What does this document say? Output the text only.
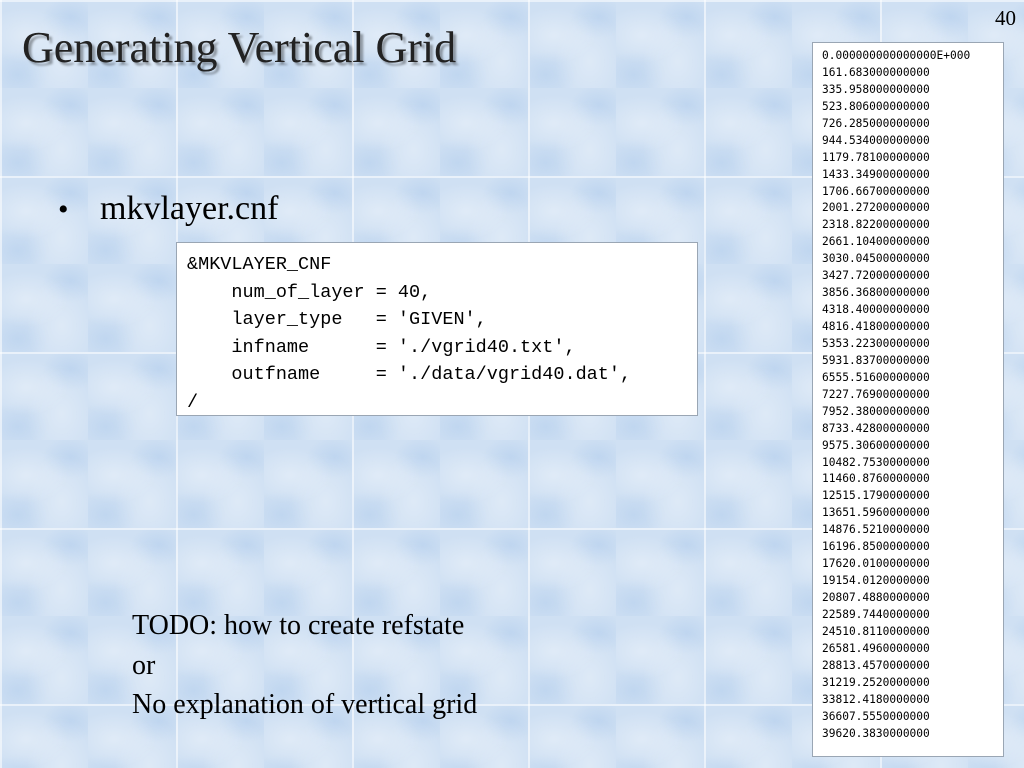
40
Generating Vertical Grid
• mkvlayer.cnf
&MKVLAYER_CNF
num_of_layer = 40,
layer_type   = 'GIVEN',
infname      = './vgrid40.txt',
outfname     = './data/vgrid40.dat',
/
0.000000000000000E+000
161.683000000000
335.958000000000
523.806000000000
726.285000000000
944.534000000000
1179.78100000000
1433.34900000000
1706.66700000000
2001.27200000000
2318.82200000000
2661.10400000000
3030.04500000000
3427.72000000000
3856.36800000000
4318.40000000000
4816.41800000000
5353.22300000000
5931.83700000000
6555.51600000000
7227.76900000000
7952.38000000000
8733.42800000000
9575.30600000000
10482.7530000000
11460.8760000000
12515.1790000000
13651.5960000000
14876.5210000000
16196.8500000000
17620.0100000000
19154.0120000000
20807.4880000000
22589.7440000000
24510.8110000000
26581.4960000000
28813.4570000000
31219.2520000000
33812.4180000000
36607.5550000000
39620.3830000000
TODO: how to create refstate
or
No explanation of vertical grid
